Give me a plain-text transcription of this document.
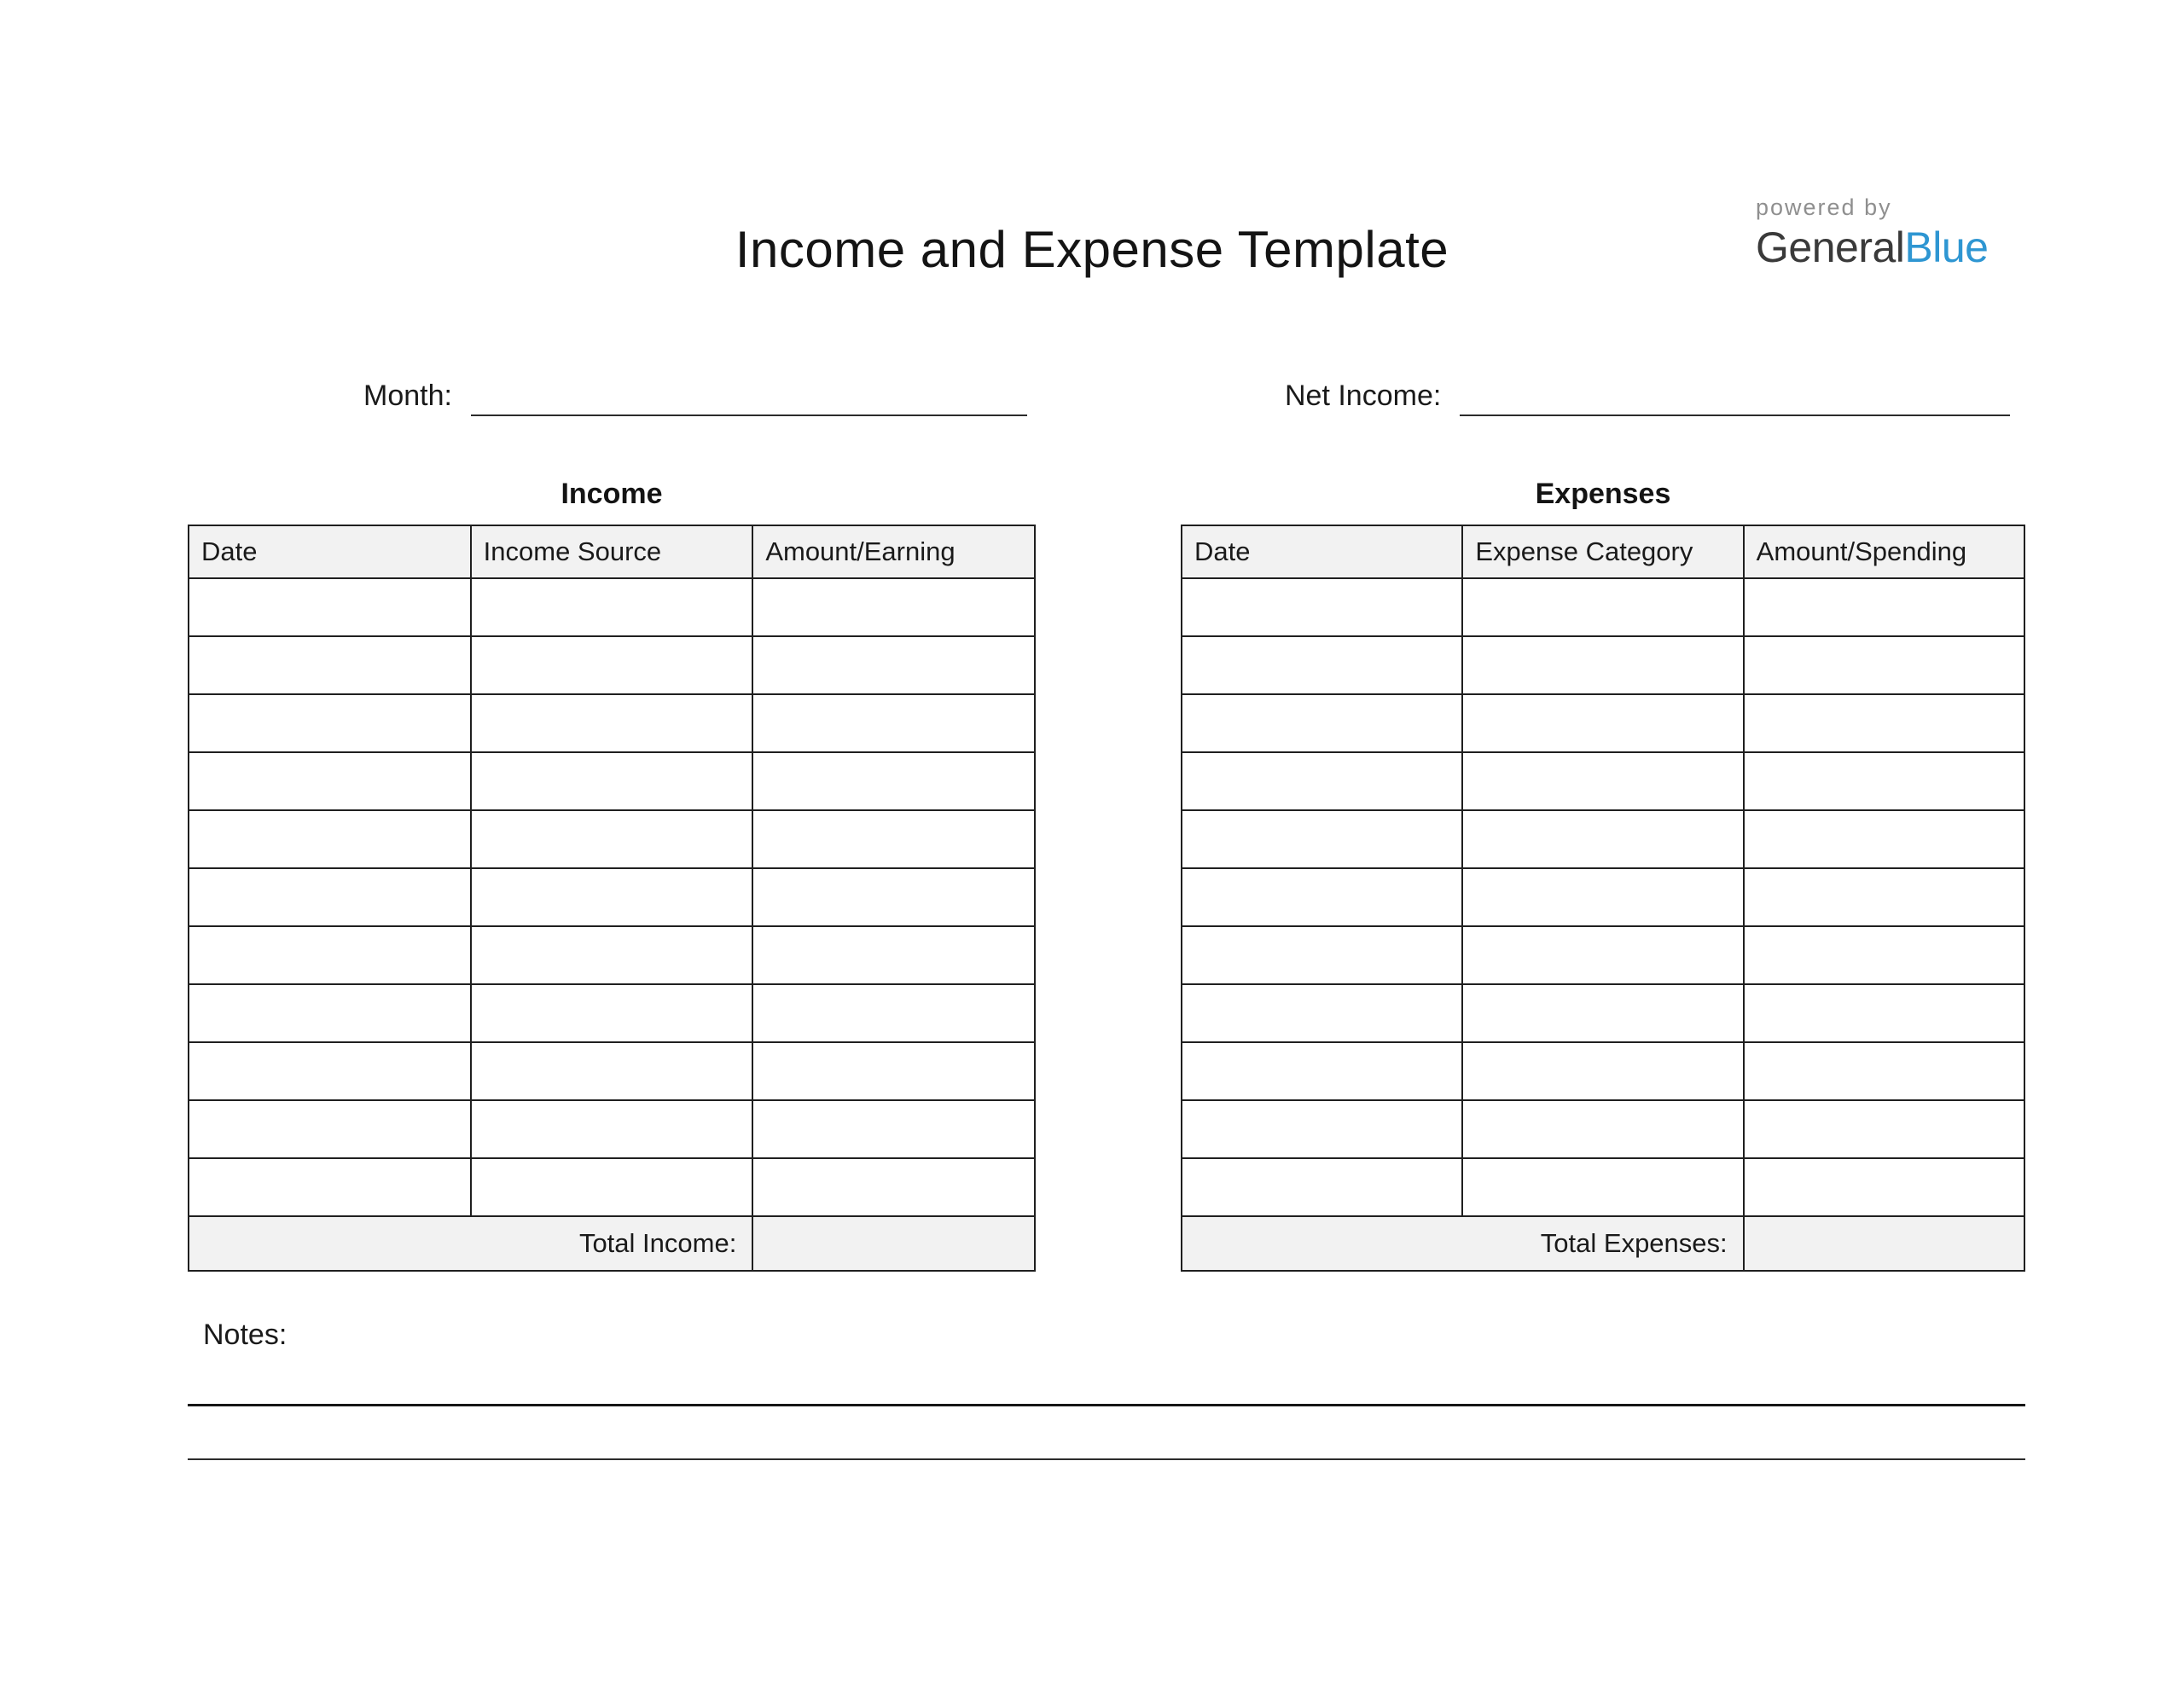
Income and Expense Template
powered by
GeneralBlue
Month:	Net Income:
Income
Date	Income Source	Amount/Earning

Total Income:		
Expenses
Date	Expense Category	Amount/Spending

Total Expenses:		
Notes:
